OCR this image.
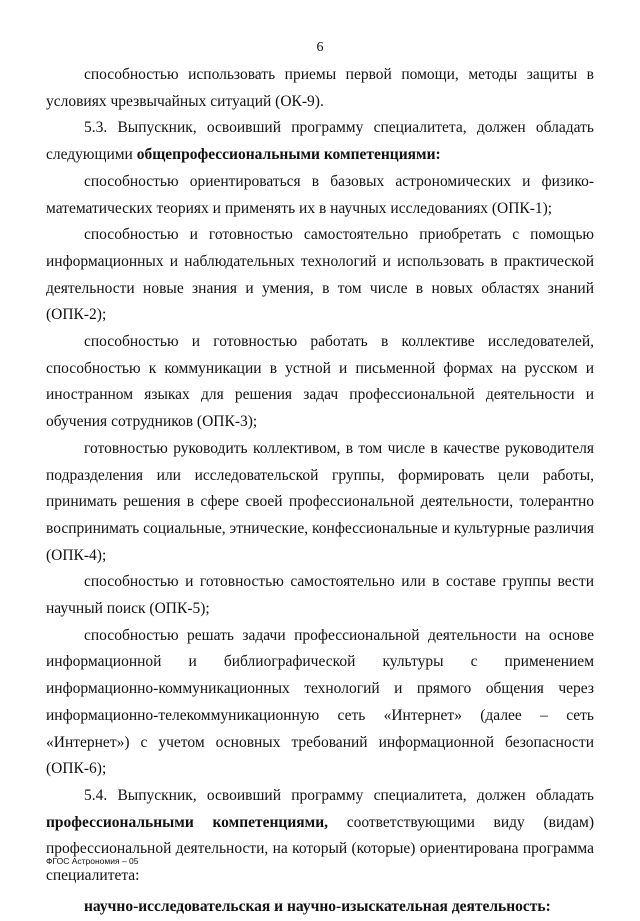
6

способностью использовать приемы первой помощи, методы защиты в условиях чрезвычайных ситуаций (ОК-9).

5.3. Выпускник, освоивший программу специалитета, должен обладать следующими общепрофессиональными компетенциями:

способностью ориентироваться в базовых астрономических и физико-математических теориях и применять их в научных исследованиях (ОПК-1);

способностью и готовностью самостоятельно приобретать с помощью информационных и наблюдательных технологий и использовать в практической деятельности новые знания и умения, в том числе в новых областях знаний (ОПК-2);

способностью и готовностью работать в коллективе исследователей, способностью к коммуникации в устной и письменной формах на русском и иностранном языках для решения задач профессиональной деятельности и обучения сотрудников (ОПК-3);

готовностью руководить коллективом, в том числе в качестве руководителя подразделения или исследовательской группы, формировать цели работы, принимать решения в сфере своей профессиональной деятельности, толерантно воспринимать социальные, этнические, конфессиональные и культурные различия (ОПК-4);

способностью и готовностью самостоятельно или в составе группы вести научный поиск (ОПК-5);

способностью решать задачи профессиональной деятельности на основе информационной и библиографической культуры с применением информационно-коммуникационных технологий и прямого общения через информационно-телекоммуникационную сеть «Интернет» (далее – сеть «Интернет») с учетом основных требований информационной безопасности (ОПК-6);

5.4. Выпускник, освоивший программу специалитета, должен обладать профессиональными компетенциями, соответствующими виду (видам) профессиональной деятельности, на который (которые) ориентирована программа специалитета:

научно-исследовательская и научно-изыскательная деятельность:

ФГОС Астрономия – 05
